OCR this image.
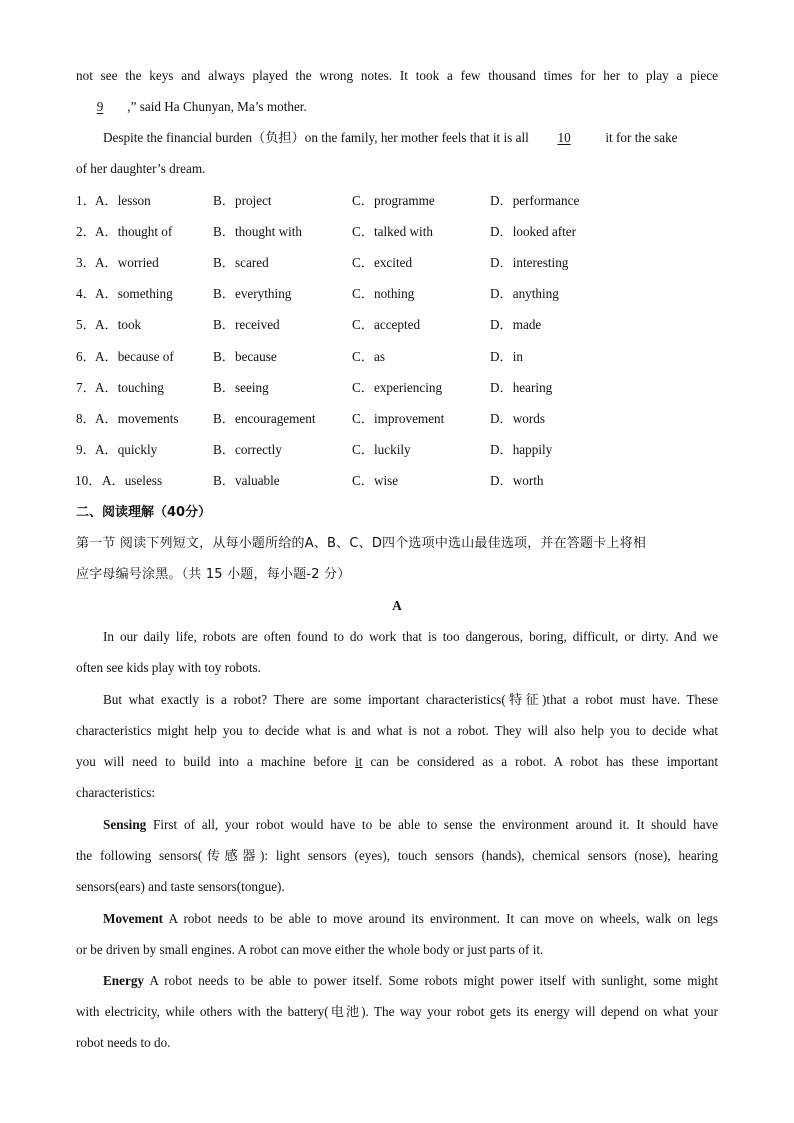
not see the keys and always played the wrong notes. It took a few thousand times for her to play a piece
9 ,” said Ha Chunyan, Ma’s mother.
Despite the financial burden（负担）on the family, her mother feels that it is all 10	it for the sake
of her daughter’s dream.
1． A．lesson	B．project	C．programme	D．performance
2． A．thought of	B．thought with	C．talked with	D．looked after
3． A．worried	B．scared	C．excited	D．interesting
4． A．something	B．everything	C．nothing	D．anything
5． A．took	B．received	C．accepted	D．made
6． A．because of	B．because	C．as	D．in
7． A．touching	B．seeing	C．experiencing	D．hearing
8． A．movements	B．encouragement	C．improvement	D．words
9． A．quickly	B．correctly	C．luckily	D．happily
10． A．useless	B．valuable	C．wise	D．worth
二、阅读理解（40分）
第一节 阅读下列短文，从每小题所给的A、B、C、D四个选项中选山最佳选项，并在答题卡上将相
应字母编号涂黑。（共 15 小题，每小题-2 分）
A
In our daily life, robots are often found to do work that is too dangerous, boring, difficult, or dirty. And we
often see kids play with toy robots.
But what exactly is a robot? There are some important characteristics(特征)that a robot must have. These
characteristics might help you to decide what is and what is not a robot. They will also help you to decide what
you will need to build into a machine before it can be considered as a robot. A robot has these important
characteristics:
Sensing First of all, your robot would have to be able to sense the environment around it. It should have
the following sensors(传感器): light sensors (eyes), touch sensors (hands), chemical sensors (nose), hearing
sensors(ears) and taste sensors(tongue).
Movement A robot needs to be able to move around its environment. It can move on wheels, walk on legs
or be driven by small engines. A robot can move either the whole body or just parts of it.
Energy A robot needs to be able to power itself. Some robots might power itself with sunlight, some might
with electricity, while others with the battery(电池). The way your robot gets its energy will depend on what your
robot needs to do.
